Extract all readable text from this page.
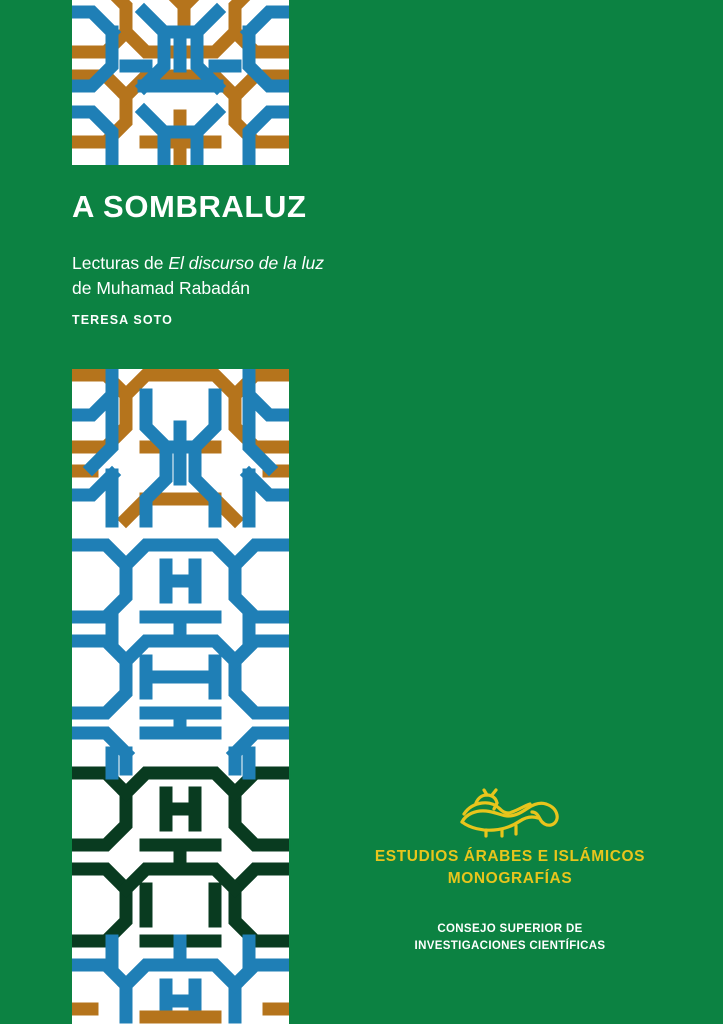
A SOMBRALUZ
Lecturas de El discurso de la luz
de Muhamad Rabadán
TERESA SOTO
ESTUDIOS ÁRABES E ISLÁMICOS
MONOGRAFÍAS
CONSEJO SUPERIOR DE
INVESTIGACIONES CIENTÍFICAS
